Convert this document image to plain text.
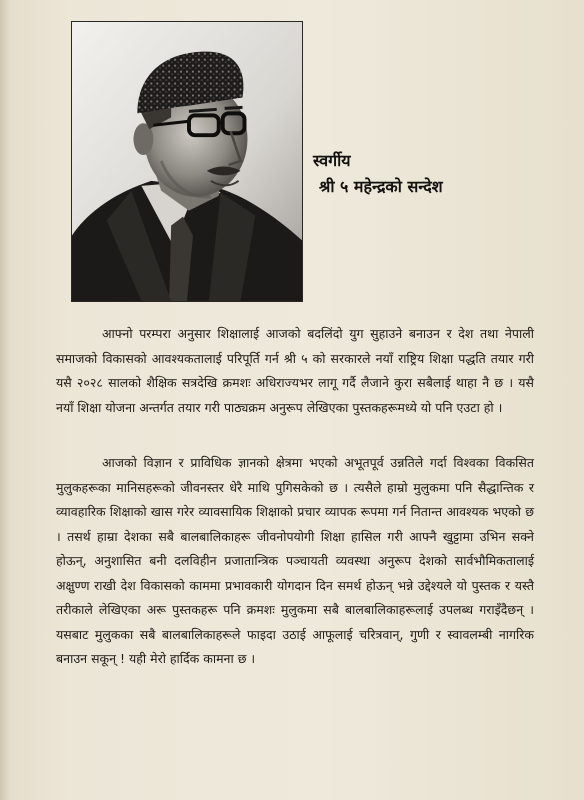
स्वर्गीय
श्री ५ महेन्द्रको सन्देश

आफ्नो परम्परा अनुसार शिक्षालाई आजको बदलिंदो युग सुहाउने बनाउन र देश तथा नेपाली समाजको विकासको आवश्यकतालाई परिपूर्ति गर्न श्री ५ को सरकारले नयाँ राष्ट्रिय शिक्षा पद्धति तयार गरी यसै २०२८ सालको शैक्षिक सत्रदेखि क्रमशः अधिराज्यभर लागू गर्दै लैजाने कुरा सबैलाई थाहा नै छ । यसै नयाँ शिक्षा योजना अन्तर्गत तयार गरी पाठ्यक्रम अनुरूप लेखिएका पुस्तकहरूमध्ये यो पनि एउटा हो ।

आजको विज्ञान र प्राविधिक ज्ञानको क्षेत्रमा भएको अभूतपूर्व उन्नतिले गर्दा विश्वका विकसित मुलुकहरूका मानिसहरूको जीवनस्तर धेरै माथि पुगिसकेको छ । त्यसैले हाम्रो मुलुकमा पनि सैद्धान्तिक र व्यावहारिक शिक्षाको खास गरेर व्यावसायिक शिक्षाको प्रचार व्यापक रूपमा गर्न नितान्त आवश्यक भएको छ । तसर्थ हाम्रा देशका सबै बालबालिकाहरू जीवनोपयोगी शिक्षा हासिल गरी आफ्नै खुट्टामा उभिन सक्ने होऊन्, अनुशासित बनी दलविहीन प्रजातान्त्रिक पञ्चायती व्यवस्था अनुरूप देशको सार्वभौमिकतालाई अक्षुण्ण राखी देश विकासको काममा प्रभावकारी योगदान दिन समर्थ होऊन् भन्ने उद्देश्यले यो पुस्तक र यस्तै तरीकाले लेखिएका अरू पुस्तकहरू पनि क्रमशः मुलुकमा सबै बालबालिकाहरूलाई उपलब्ध गराइँदैछन् । यसबाट मुलुकका सबै बालबालिकाहरूले फाइदा उठाई आफूलाई चरित्रवान्, गुणी र स्वावलम्बी नागरिक बनाउन सकून् ! यही मेरो हार्दिक कामना छ ।
